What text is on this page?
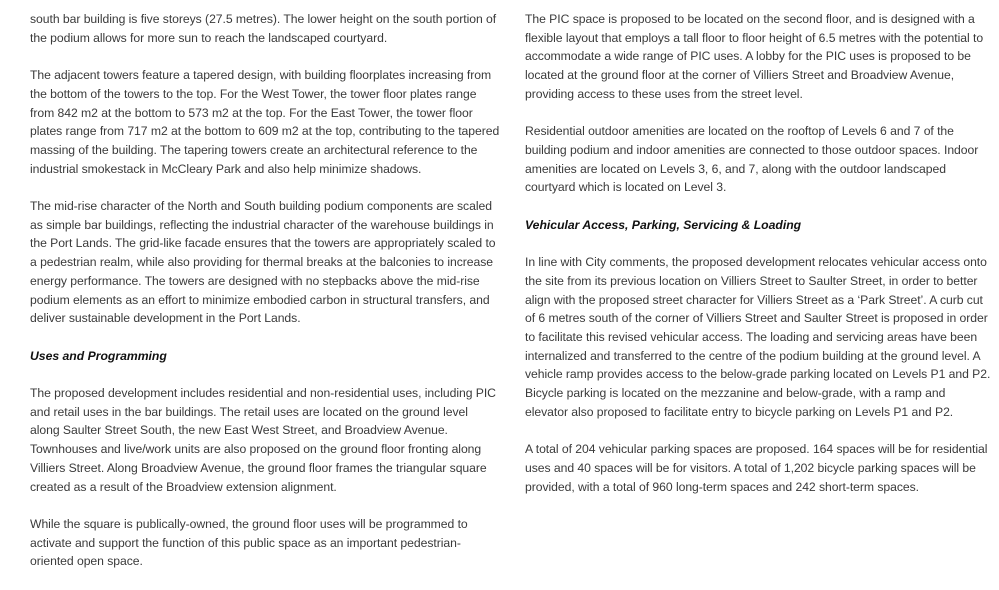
south bar building is five storeys (27.5 metres). The lower height on the south portion of the podium allows for more sun to reach the landscaped courtyard.

The adjacent towers feature a tapered design, with building floorplates increasing from the bottom of the towers to the top. For the West Tower, the tower floor plates range from 842 m2 at the bottom to 573 m2 at the top. For the East Tower, the tower floor plates range from 717 m2 at the bottom to 609 m2 at the top, contributing to the tapered massing of the building. The tapering towers create an architectural reference to the industrial smokestack in McCleary Park and also help minimize shadows.

The mid-rise character of the North and South building podium components are scaled as simple bar buildings, reflecting the industrial character of the warehouse buildings in the Port Lands. The grid-like facade ensures that the towers are appropriately scaled to a pedestrian realm, while also providing for thermal breaks at the balconies to increase energy performance. The towers are designed with no stepbacks above the mid-rise podium elements as an effort to minimize embodied carbon in structural transfers, and deliver sustainable development in the Port Lands.

Uses and Programming

The proposed development includes residential and non-residential uses, including PIC and retail uses in the bar buildings. The retail uses are located on the ground level along Saulter Street South, the new East West Street, and Broadview Avenue. Townhouses and live/work units are also proposed on the ground floor fronting along Villiers Street. Along Broadview Avenue, the ground floor frames the triangular square created as a result of the Broadview extension alignment.

While the square is publically-owned, the ground floor uses will be programmed to activate and support the function of this public space as an important pedestrian-oriented open space.

The PIC space is proposed to be located on the second floor, and is designed with a flexible layout that employs a tall floor to floor height of 6.5 metres with the potential to accommodate a wide range of PIC uses. A lobby for the PIC uses is proposed to be located at the ground floor at the corner of Villiers Street and Broadview Avenue, providing access to these uses from the street level.

Residential outdoor amenities are located on the rooftop of Levels 6 and 7 of the building podium and indoor amenities are connected to those outdoor spaces. Indoor amenities are located on Levels 3, 6, and 7, along with the outdoor landscaped courtyard which is located on Level 3.

Vehicular Access, Parking, Servicing & Loading

In line with City comments, the proposed development relocates vehicular access onto the site from its previous location on Villiers Street to Saulter Street, in order to better align with the proposed street character for Villiers Street as a ‘Park Street’. A curb cut of 6 metres south of the corner of Villiers Street and Saulter Street is proposed in order to facilitate this revised vehicular access. The loading and servicing areas have been internalized and transferred to the centre of the podium building at the ground level. A vehicle ramp provides access to the below-grade parking located on Levels P1 and P2. Bicycle parking is located on the mezzanine and below-grade, with a ramp and elevator also proposed to facilitate entry to bicycle parking on Levels P1 and P2.

A total of 204 vehicular parking spaces are proposed. 164 spaces will be for residential uses and 40 spaces will be for visitors. A total of 1,202 bicycle parking spaces will be provided, with a total of 960 long-term spaces and 242 short-term spaces.
